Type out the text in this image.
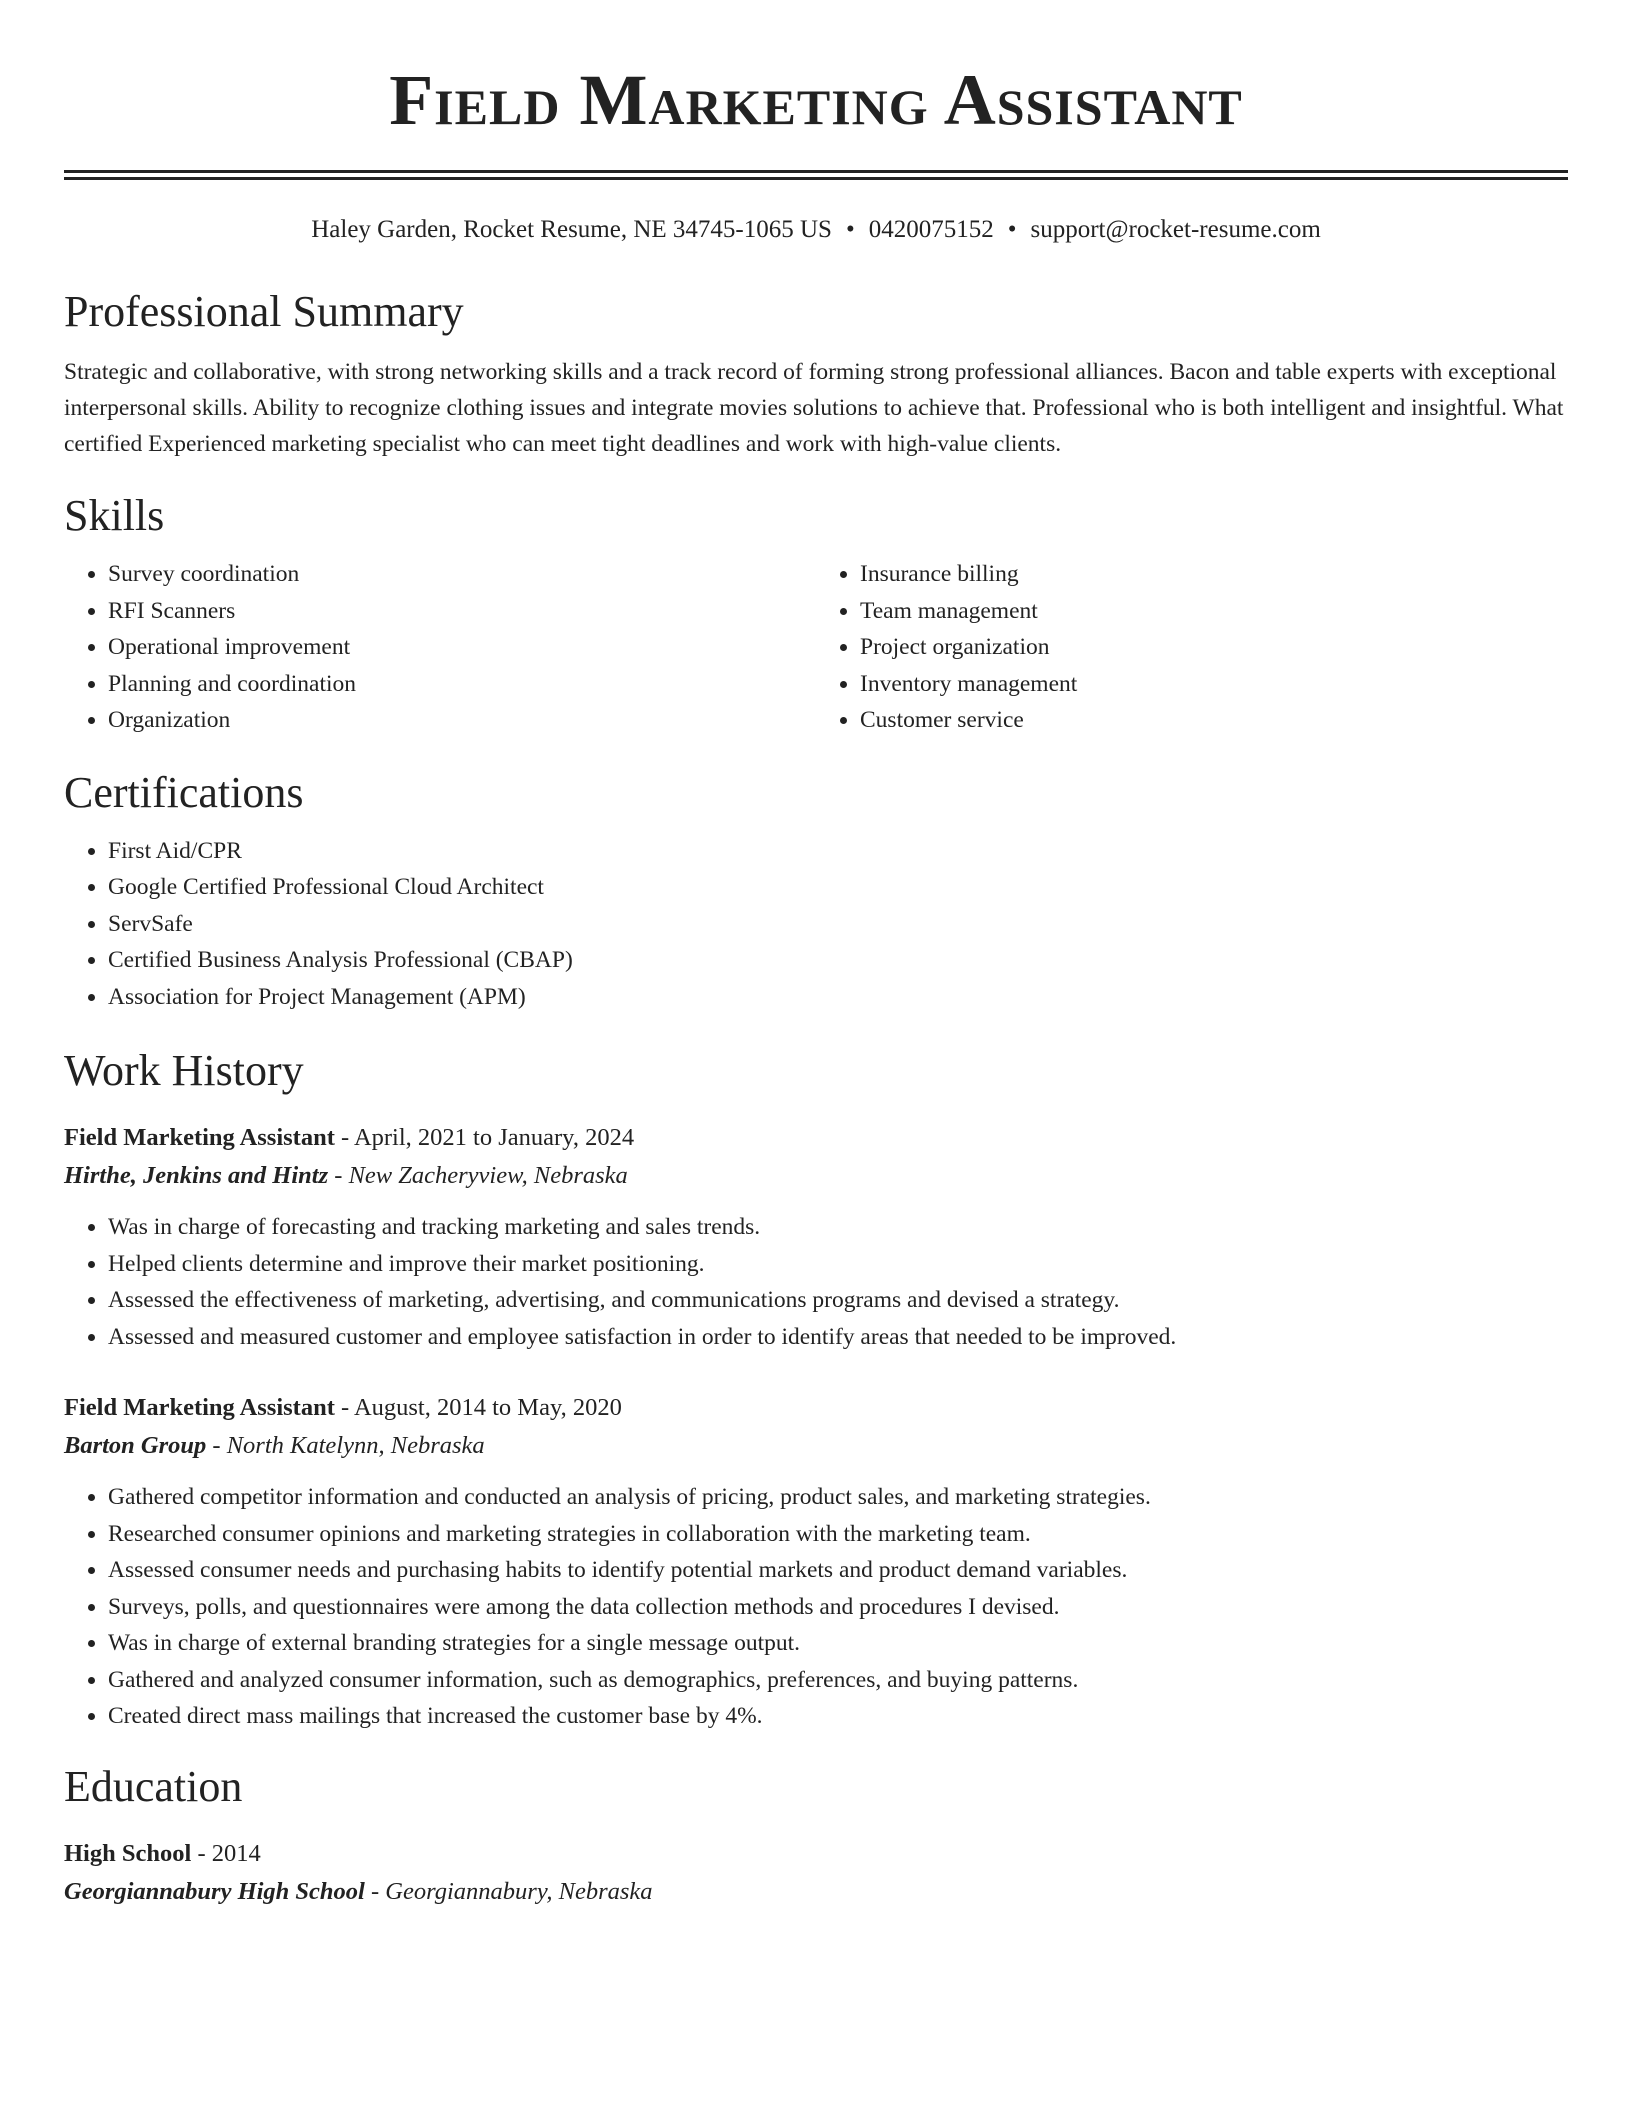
Field Marketing Assistant
Haley Garden, Rocket Resume, NE 34745-1065 US • 0420075152 • support@rocket-resume.com
Professional Summary

Strategic and collaborative, with strong networking skills and a track record of forming strong professional alliances. Bacon and table experts with exceptional interpersonal skills. Ability to recognize clothing issues and integrate movies solutions to achieve that. Professional who is both intelligent and insightful. What certified Experienced marketing specialist who can meet tight deadlines and work with high-value clients.

Skills
• Survey coordination
• RFI Scanners
• Operational improvement
• Planning and coordination
• Organization
• Insurance billing
• Team management
• Project organization
• Inventory management
• Customer service
Certifications
• First Aid/CPR
• Google Certified Professional Cloud Architect
• ServSafe
• Certified Business Analysis Professional (CBAP)
• Association for Project Management (APM)
Work History
Field Marketing Assistant - April, 2021 to January, 2024
Hirthe, Jenkins and Hintz - New Zacheryview, Nebraska
• Was in charge of forecasting and tracking marketing and sales trends.
• Helped clients determine and improve their market positioning.
• Assessed the effectiveness of marketing, advertising, and communications programs and devised a strategy.
• Assessed and measured customer and employee satisfaction in order to identify areas that needed to be improved.
Field Marketing Assistant - August, 2014 to May, 2020
Barton Group - North Katelynn, Nebraska
• Gathered competitor information and conducted an analysis of pricing, product sales, and marketing strategies.
• Researched consumer opinions and marketing strategies in collaboration with the marketing team.
• Assessed consumer needs and purchasing habits to identify potential markets and product demand variables.
• Surveys, polls, and questionnaires were among the data collection methods and procedures I devised.
• Was in charge of external branding strategies for a single message output.
• Gathered and analyzed consumer information, such as demographics, preferences, and buying patterns.
• Created direct mass mailings that increased the customer base by 4%.
Education
High School - 2014
Georgiannabury High School - Georgiannabury, Nebraska
